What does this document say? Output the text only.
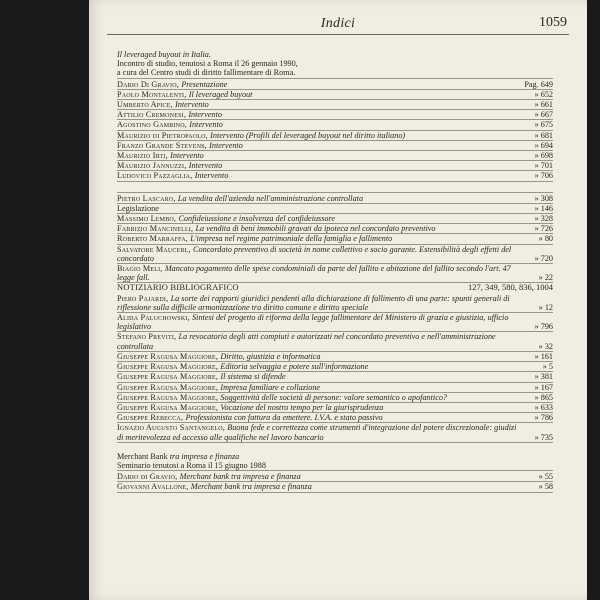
Indici	1059
Il leveraged buyout in Italia.
Incontro di studio, tenutosi a Roma il 26 gennaio 1990,
a cura del Centro studi di diritto fallimentare di Roma.
Dario Di Gravio, Presentazione	Pag. 649
Paolo Montalenti, Il leveraged buyout	» 652
Umberto Apice, Intervento	» 661
Attilio Cremonesi, Intervento	» 667
Agostino Gambino, Intervento	» 675
Maurizio di Pietropaolo, Intervento (Profili del leveraged buyout nel diritto italiano)	» 681
Franzo Grande Stevens, Intervento	» 694
Maurizio Irti, Intervento	» 698
Maurizio Jannuzzi, Intervento	» 701
Ludovico Pazzaglia, Intervento	» 706
Pietro Lascaro, La vendita dell'azienda nell'amministrazione controllata	» 308
Legislazione	» 146
Massimo Lembo, Confideiussione e insolvenza del confideiussore	» 328
Fabrizio Mancinelli, La vendita di beni immobili gravati da ipoteca nel concordato preventivo	» 726
Roberto Marraffa, L'impresa nel regime patrimoniale della famiglia e fallimento	» 80
Salvatore Maucerl, Concordato preventivo di società in nome collettivo e socio garante. Estensibilità degli effetti del concordato	» 720
Biagio Meli, Mancato pagamento delle spese condominiali da parte del fallito e abitazione del fallito secondo l'art. 47 legge fall.	» 22
NOTIZIARIO BIBLIOGRAFICO	127, 349, 580, 836, 1004
Piero Pajardi, La sorte dei rapporti giuridici pendenti alla dichiarazione di fallimento di una parte: spunti generali di riflessione sulla difficile armonizzazione tra diritto comune e diritto speciale	» 12
Alida Paluchowski, Sintesi del progetto di riforma della legge fallimentare del Ministero di grazia e giustizia, ufficio legislativo	» 796
Stefano Previti, La revocatoria degli atti compiuti e autorizzati nel concordato preventivo e nell'amministrazione controllata	» 32
Giuseppe Ragusa Maggiore, Diritto, giustizia e informatica	» 161
Giuseppe Ragusa Maggiore, Editoria selvaggia e potere sull'informazione	» 5
Giuseppe Ragusa Maggiore, Il sistema si difende	» 381
Giuseppe Ragusa Maggiore, Impresa familiare e collazione	» 167
Giuseppe Ragusa Maggiore, Soggettività delle società di persone: valore semantico o apofantico?	» 865
Giuseppe Ragusa Maggiore, Vocazione del nostro tempo per la giurisprudenza	» 633
Giuseppe Rebecca, Professionista con fattura da emettere. I.V.A. e stato passivo	» 786
Ignazio Augusto Santangelo, Buona fede e correttezza come strumenti d'integrazione del potere discrezionale: giudizi di meritevolezza ed accesso alle qualifiche nel lavoro bancario	» 735
Merchant Bank tra impresa e finanza
Seminario tenutosi a Roma il 15 giugno 1988
Dario di Gravio, Merchant bank tra impresa e finanza	» 55
Giovanni Avallone, Merchant bank tra impresa e finanza	» 58
